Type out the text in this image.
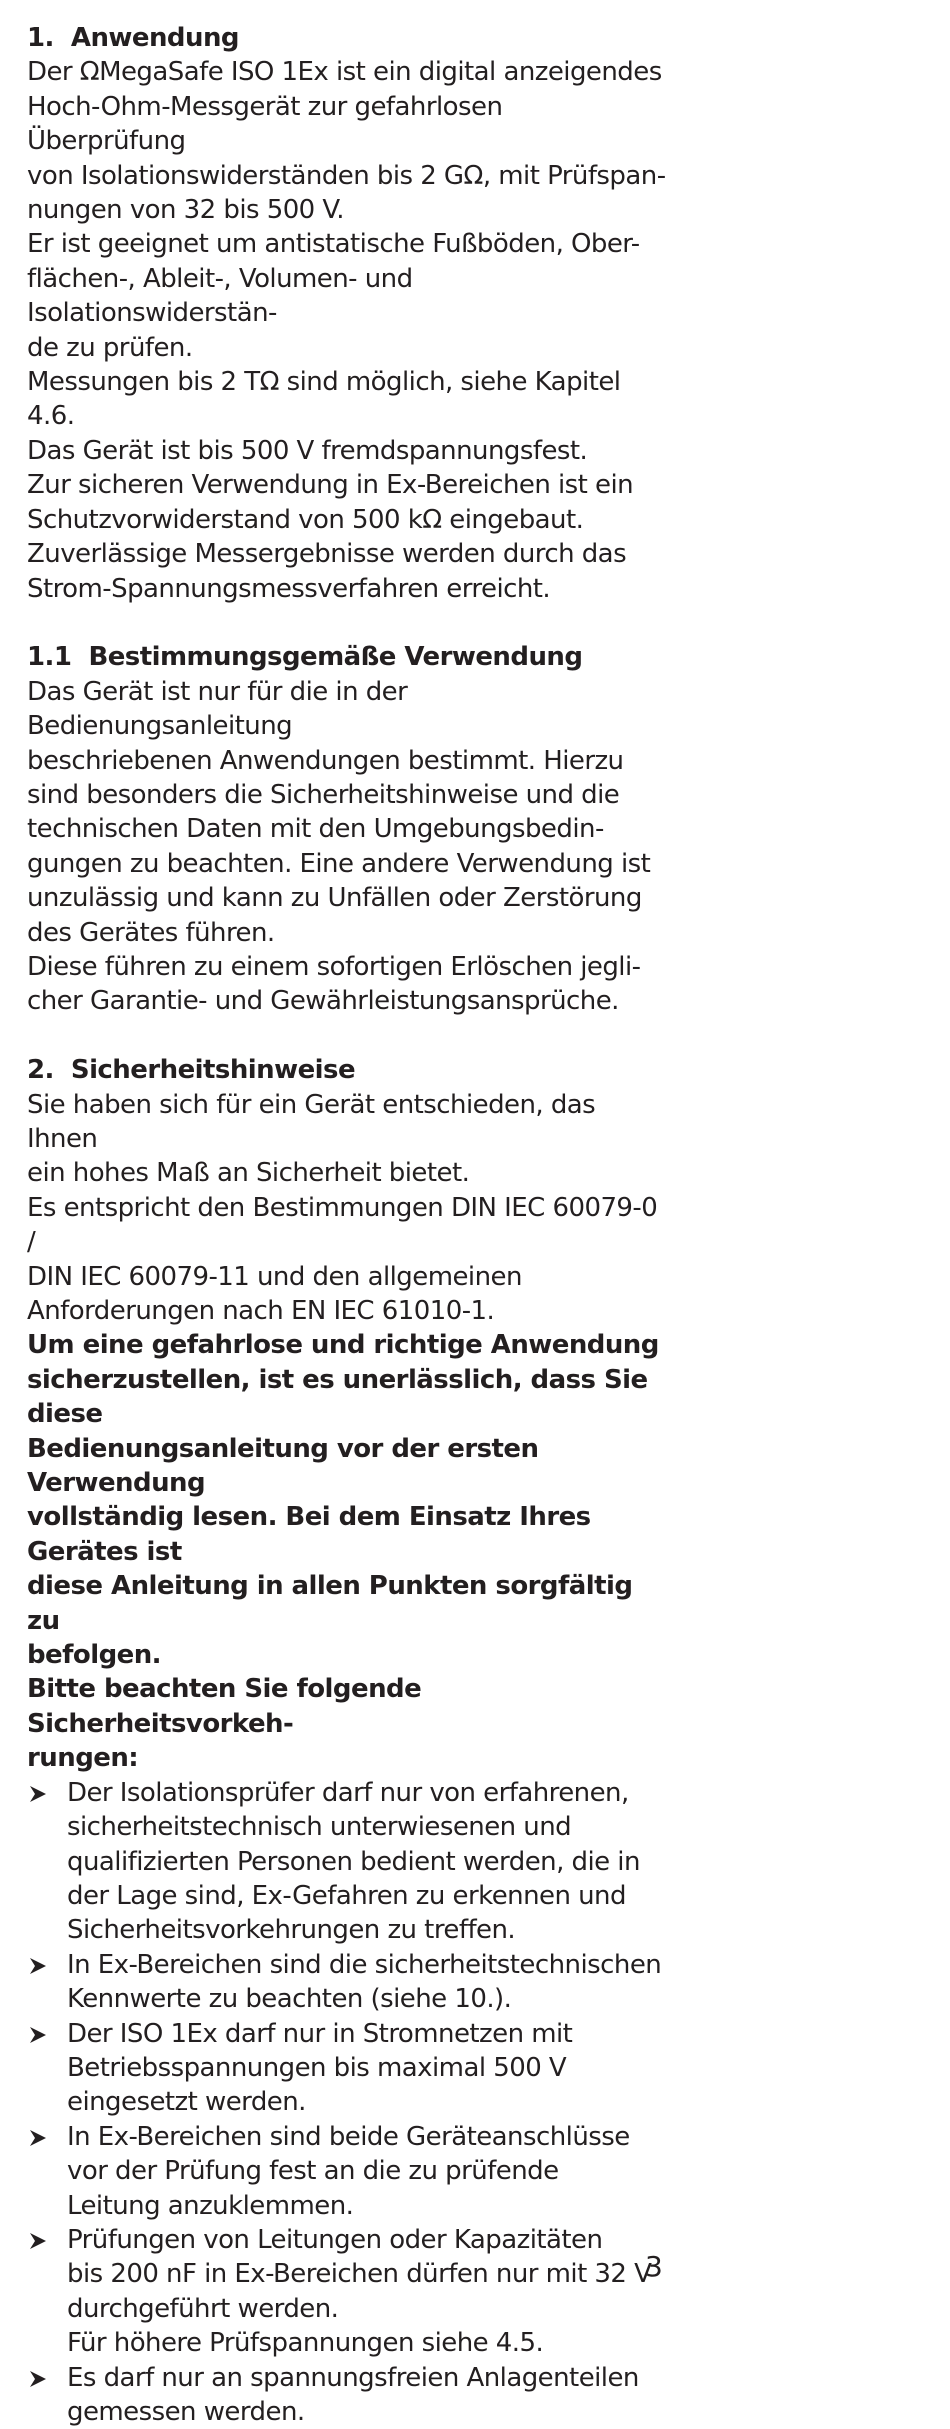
1. Anwendung

Der ΩMegaSafe ISO 1Ex ist ein digital anzeigendes

Hoch-Ohm-Messgerät zur gefahrlosen Überprüfung

von Isolationswiderständen bis 2 GΩ, mit Prüfspan-

nungen von 32 bis 500 V.

Er ist geeignet um antistatische Fußböden, Ober-

flächen-, Ableit-, Volumen- und Isolationswiderstän-

de zu prüfen.

Messungen bis 2 TΩ sind möglich, siehe Kapitel 4.6.

Das Gerät ist bis 500 V fremdspannungsfest.

Zur sicheren Verwendung in Ex-Bereichen ist ein

Schutzvorwiderstand von 500 kΩ eingebaut.

Zuverlässige Messergebnisse werden durch das

Strom-Spannungsmessverfahren erreicht.

1.1 Bestimmungsgemäße Verwendung

Das Gerät ist nur für die in der Bedienungsanleitung

beschriebenen Anwendungen bestimmt. Hierzu

sind besonders die Sicherheitshinweise und die

technischen Daten mit den Umgebungsbedin-

gungen zu beachten. Eine andere Verwendung ist

unzulässig und kann zu Unfällen oder Zerstörung

des Gerätes führen.

Diese führen zu einem sofortigen Erlöschen jegli-

cher Garantie- und Gewährleistungsansprüche.

2. Sicherheitshinweise

Sie haben sich für ein Gerät entschieden, das Ihnen

ein hohes Maß an Sicherheit bietet.

Es entspricht den Bestimmungen DIN IEC 60079-0 /

DIN IEC 60079-11 und den allgemeinen

Anforderungen nach EN IEC 61010-1.

Um eine gefahrlose und richtige Anwendung

sicherzustellen, ist es unerlässlich, dass Sie diese

Bedienungsanleitung vor der ersten Verwendung

vollständig lesen. Bei dem Einsatz Ihres Gerätes ist

diese Anleitung in allen Punkten sorgfältig zu

befolgen.

Bitte beachten Sie folgende Sicherheitsvorkeh-

rungen:

Der Isolationsprüfer darf nur von erfahrenen,

sicherheitstechnisch unterwiesenen und

qualifizierten Personen bedient werden, die in

der Lage sind, Ex-Gefahren zu erkennen und

Sicherheitsvorkehrungen zu treffen.

In Ex-Bereichen sind die sicherheitstechnischen

Kennwerte zu beachten (siehe 10.).

Der ISO 1Ex darf nur in Stromnetzen mit

Betriebsspannungen bis maximal 500 V

eingesetzt werden.

In Ex-Bereichen sind beide Geräteanschlüsse

vor der Prüfung fest an die zu prüfende

Leitung anzuklemmen.

Prüfungen von Leitungen oder Kapazitäten

bis 200 nF in Ex-Bereichen dürfen nur mit 32 V

durchgeführt werden.

Für höhere Prüfspannungen siehe 4.5.

Es darf nur an spannungsfreien Anlagenteilen

gemessen werden.

3
